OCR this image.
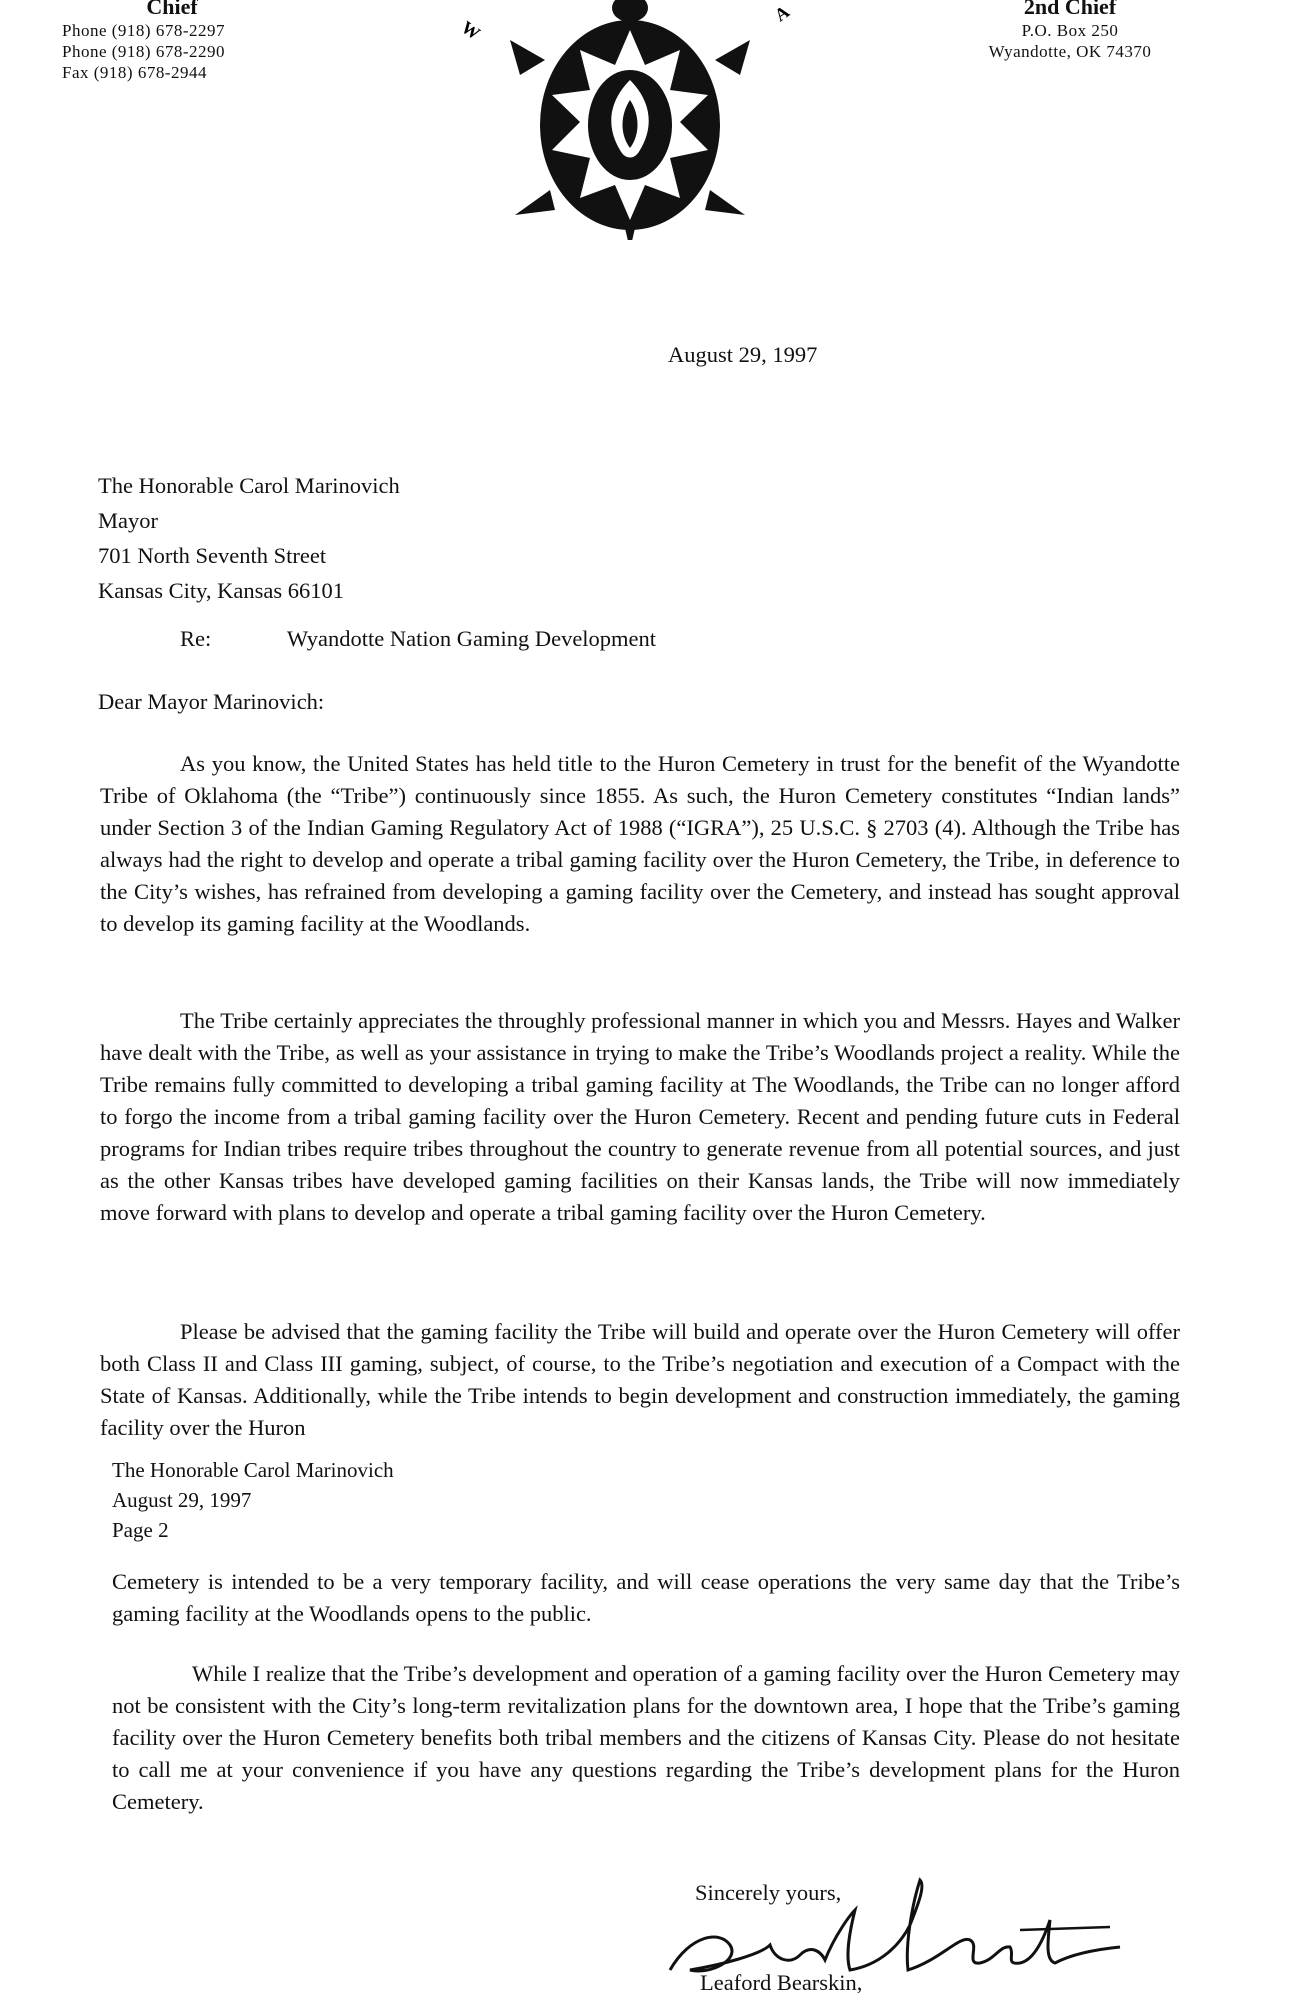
Chief
Phone (918) 678-2297
Phone (918) 678-2290
Fax (918) 678-2944
W
A	2nd Chief
P.O. Box 250
Wyandotte, OK 74370
August 29, 1997
The Honorable Carol Marinovich
Mayor
701 North Seventh Street
Kansas City, Kansas 66101
Re:	Wyandotte Nation Gaming Development
Dear Mayor Marinovich:
As you know, the United States has held title to the Huron Cemetery in trust for the benefit of the Wyandotte Tribe of Oklahoma (the “Tribe”) continuously since 1855. As such, the Huron Cemetery constitutes “Indian lands” under Section 3 of the Indian Gaming Regulatory Act of 1988 (“IGRA”), 25 U.S.C. § 2703 (4). Although the Tribe has always had the right to develop and operate a tribal gaming facility over the Huron Cemetery, the Tribe, in deference to the City’s wishes, has refrained from developing a gaming facility over the Cemetery, and instead has sought approval to develop its gaming facility at the Woodlands.
The Tribe certainly appreciates the throughly professional manner in which you and Messrs. Hayes and Walker have dealt with the Tribe, as well as your assistance in trying to make the Tribe’s Woodlands project a reality. While the Tribe remains fully committed to developing a tribal gaming facility at The Woodlands, the Tribe can no longer afford to forgo the income from a tribal gaming facility over the Huron Cemetery. Recent and pending future cuts in Federal programs for Indian tribes require tribes throughout the country to generate revenue from all potential sources, and just as the other Kansas tribes have developed gaming facilities on their Kansas lands, the Tribe will now immediately move forward with plans to develop and operate a tribal gaming facility over the Huron Cemetery.
Please be advised that the gaming facility the Tribe will build and operate over the Huron Cemetery will offer both Class II and Class III gaming, subject, of course, to the Tribe’s negotiation and execution of a Compact with the State of Kansas. Additionally, while the Tribe intends to begin development and construction immediately, the gaming facility over the Huron
The Honorable Carol Marinovich
August 29, 1997
Page 2
Cemetery is intended to be a very temporary facility, and will cease operations the very same day that the Tribe’s gaming facility at the Woodlands opens to the public.
While I realize that the Tribe’s development and operation of a gaming facility over the Huron Cemetery may not be consistent with the City’s long-term revitalization plans for the downtown area, I hope that the Tribe’s gaming facility over the Huron Cemetery benefits both tribal members and the citizens of Kansas City. Please do not hesitate to call me at your convenience if you have any questions regarding the Tribe’s development plans for the Huron Cemetery.
Sincerely yours,
Leaford Bearskin,
